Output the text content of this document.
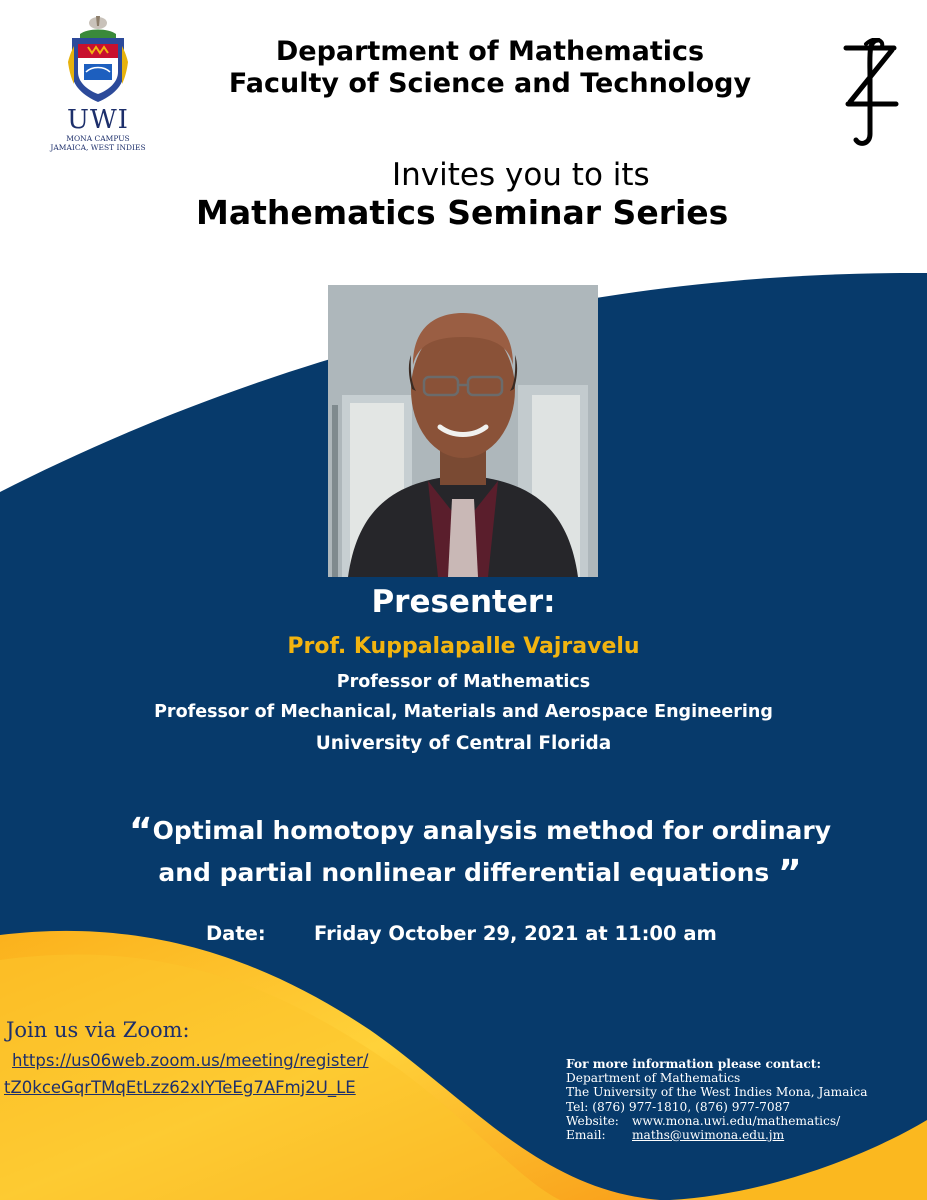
UWI
MONA CAMPUS
JAMAICA, WEST INDIES
Department of Mathematics
Faculty of Science and Technology
Invites you to its
Mathematics Seminar Series
Presenter:
Prof. Kuppalapalle Vajravelu
Professor of Mathematics
Professor of Mechanical, Materials and Aerospace Engineering
University of Central Florida
“Optimal homotopy analysis method for ordinary
and partial nonlinear differential equations ”
Date: Friday October 29, 2021 at 11:00 am
Join us via Zoom:
https://us06web.zoom.us/meeting/register/
tZ0kceGqrTMqEtLzz62xIYTeEg7AFmj2U_LE
For more information please contact:
Department of Mathematics
The University of the West Indies Mona, Jamaica
Tel: (876) 977-1810, (876) 977-7087
Website: www.mona.uwi.edu/mathematics/
Email: maths@uwimona.edu.jm
